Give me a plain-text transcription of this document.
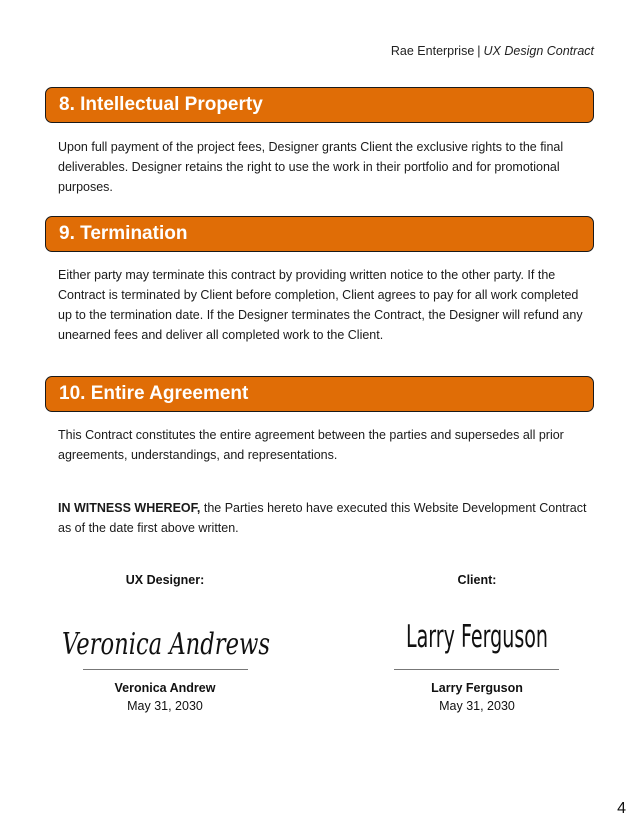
Rae Enterprise | UX Design Contract
8. Intellectual Property
Upon full payment of the project fees, Designer grants Client the exclusive rights to the final deliverables. Designer retains the right to use the work in their portfolio and for promotional purposes.
9. Termination
Either party may terminate this contract by providing written notice to the other party. If the Contract is terminated by Client before completion, Client agrees to pay for all work completed up to the termination date. If the Designer terminates the Contract, the Designer will refund any unearned fees and deliver all completed work to the Client.
10. Entire Agreement
This Contract constitutes the entire agreement between the parties and supersedes all prior agreements, understandings, and representations.
IN WITNESS WHEREOF, the Parties hereto have executed this Website Development Contract as of the date first above written.
UX Designer:
Veronica Andrews
Veronica Andrew
May 31, 2030
Client:
Larry Ferguson
Larry Ferguson
May 31, 2030
4
